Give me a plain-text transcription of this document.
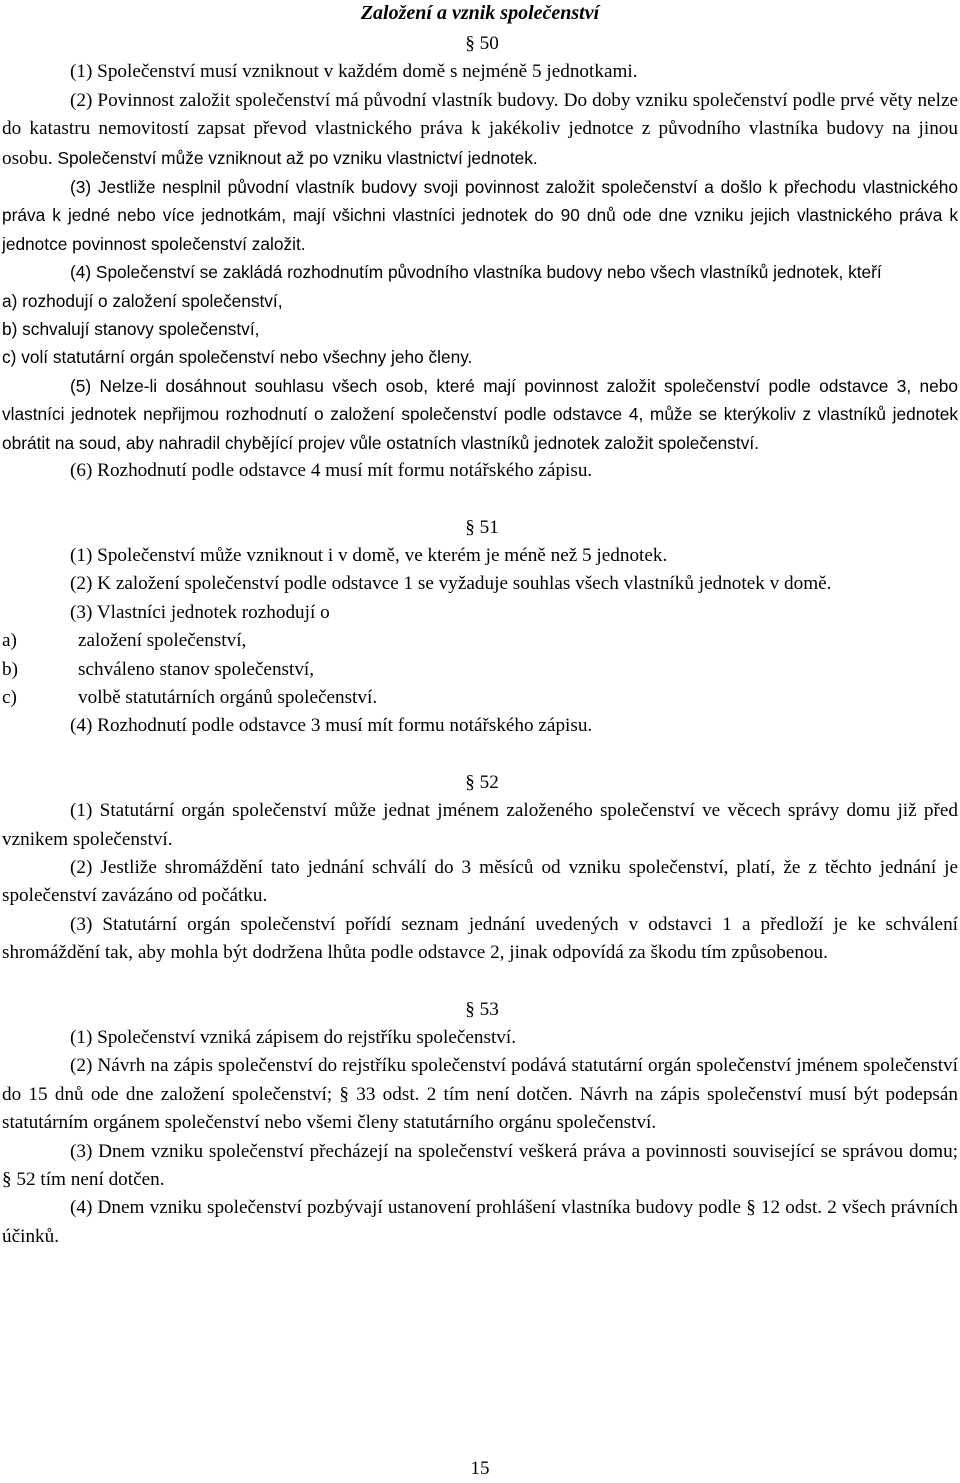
Založení a vznik společenství
§ 50

(1) Společenství musí vzniknout v každém domě s nejméně 5 jednotkami.

(2) Povinnost založit společenství má původní vlastník budovy. Do doby vzniku společenství podle prvé věty nelze do katastru nemovitostí zapsat převod vlastnického práva k jakékoliv jednotce z původního vlastníka budovy na jinou osobu. Společenství může vzniknout až po vzniku vlastnictví jednotek.

(3) Jestliže nesplnil původní vlastník budovy svoji povinnost založit společenství a došlo k přechodu vlastnického práva k jedné nebo více jednotkám, mají všichni vlastníci jednotek do 90 dnů ode dne vzniku jejich vlastnického práva k jednotce povinnost společenství založit.

(4) Společenství se zakládá rozhodnutím původního vlastníka budovy nebo všech vlastníků jednotek, kteří

a) rozhodují o založení společenství,

b) schvalují stanovy společenství,

c) volí statutární orgán společenství nebo všechny jeho členy.

(5) Nelze-li dosáhnout souhlasu všech osob, které mají povinnost založit společenství podle odstavce 3, nebo vlastníci jednotek nepřijmou rozhodnutí o založení společenství podle odstavce 4, může se kterýkoliv z vlastníků jednotek obrátit na soud, aby nahradil chybějící projev vůle ostatních vlastníků jednotek založit společenství.

(6) Rozhodnutí podle odstavce 4 musí mít formu notářského zápisu.

§ 51

(1) Společenství může vzniknout i v domě, ve kterém je méně než 5 jednotek.

(2) K založení společenství podle odstavce 1 se vyžaduje souhlas všech vlastníků jednotek v domě.

(3) Vlastníci jednotek rozhodují o

a)	založení společenství,
b)	schváleno stanov společenství,
c)	volbě statutárních orgánů společenství.

(4) Rozhodnutí podle odstavce 3 musí mít formu notářského zápisu.

§ 52

(1) Statutární orgán společenství může jednat jménem založeného společenství ve věcech správy domu již před vznikem společenství.

(2) Jestliže shromáždění tato jednání schválí do 3 měsíců od vzniku společenství, platí, že z těchto jednání je společenství zavázáno od počátku.

(3) Statutární orgán společenství pořídí seznam jednání uvedených v odstavci 1 a předloží je ke schválení shromáždění tak, aby mohla být dodržena lhůta podle odstavce 2, jinak odpovídá za škodu tím způsobenou.

§ 53

(1) Společenství vzniká zápisem do rejstříku společenství.

(2) Návrh na zápis společenství do rejstříku společenství podává statutární orgán společenství jménem společenství do 15 dnů ode dne založení společenství; § 33 odst. 2 tím není dotčen. Návrh na zápis společenství musí být podepsán statutárním orgánem společenství nebo všemi členy statutárního orgánu společenství.

(3) Dnem vzniku společenství přecházejí na společenství veškerá práva a povinnosti související se správou domu; § 52 tím není dotčen.

(4) Dnem vzniku společenství pozbývají ustanovení prohlášení vlastníka budovy podle § 12 odst. 2 všech právních účinků.

15
